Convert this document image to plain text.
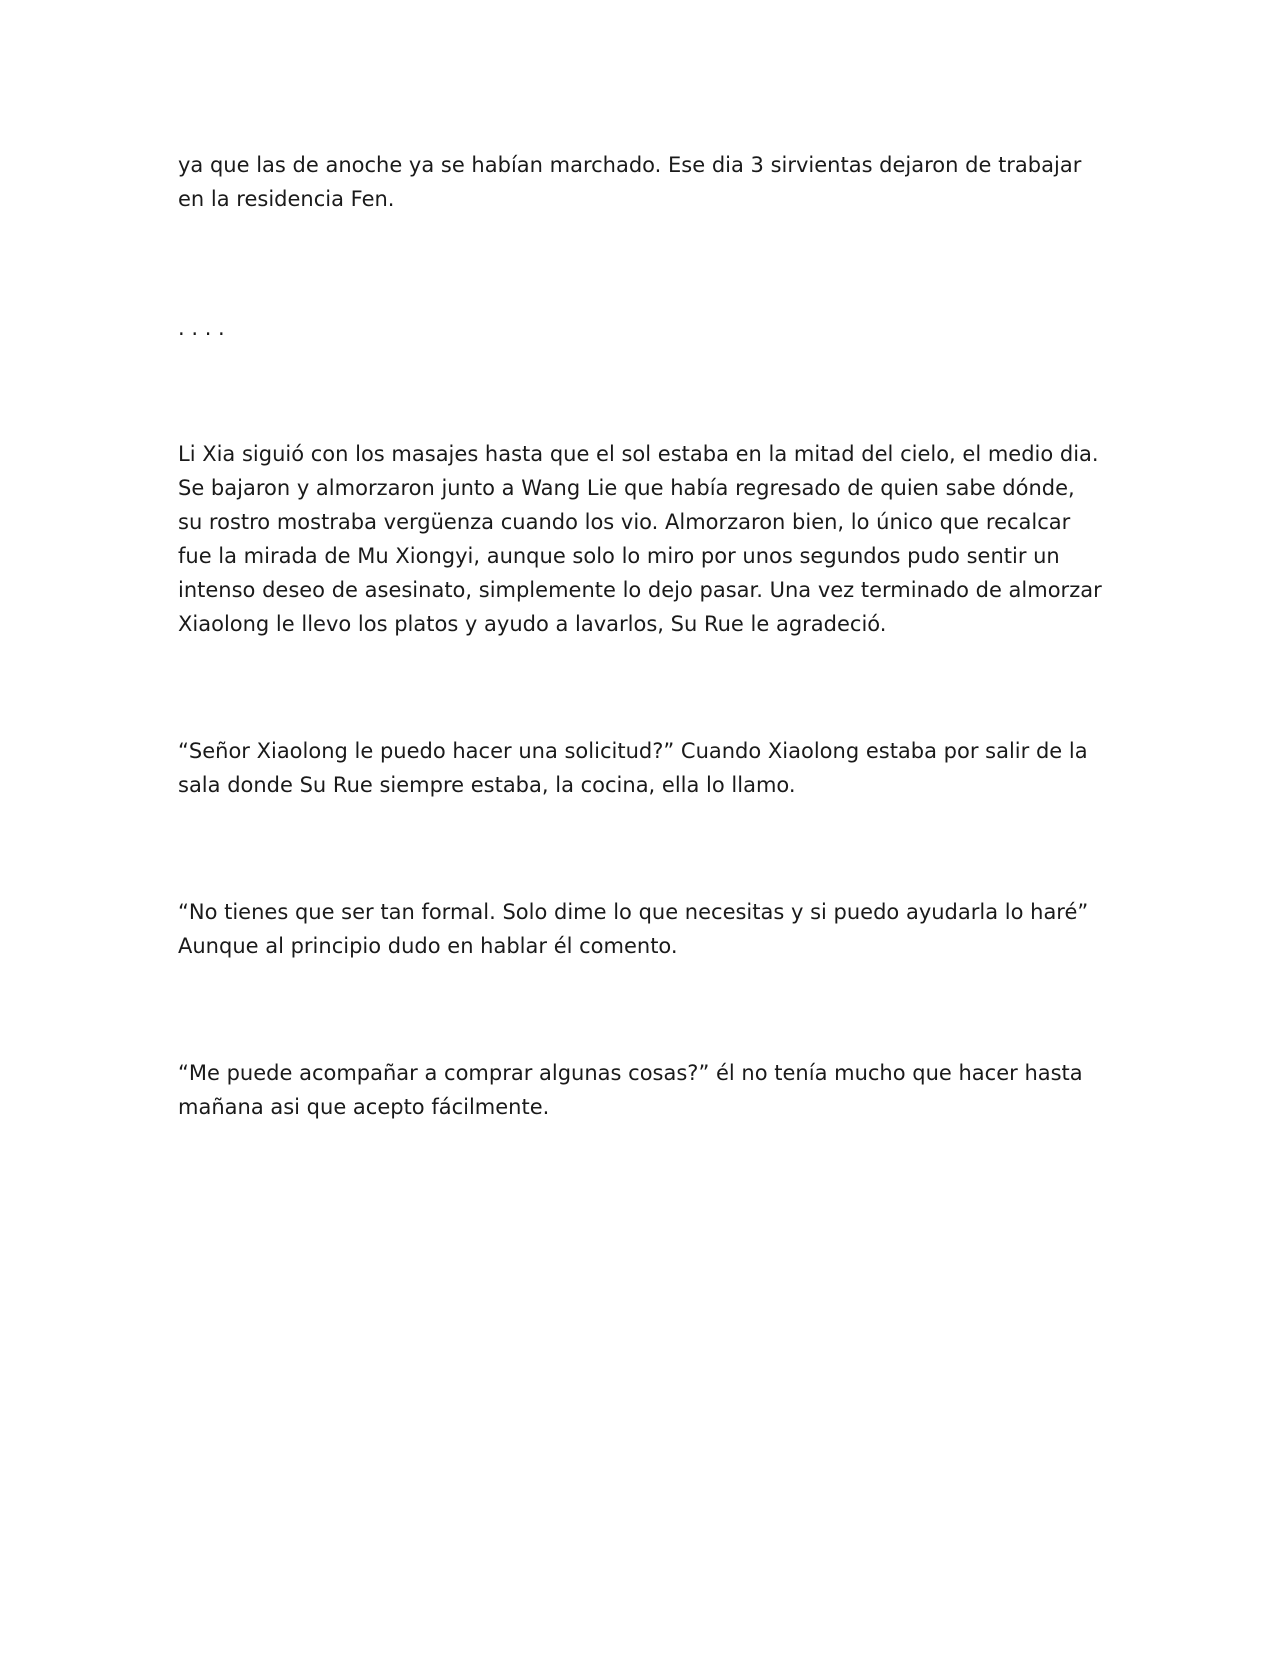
ya que las de anoche ya se habían marchado. Ese dia 3 sirvientas dejaron de trabajar

en la residencia Fen.

. . . .

Li Xia siguió con los masajes hasta que el sol estaba en la mitad del cielo, el medio dia.

Se bajaron y almorzaron junto a Wang Lie que había regresado de quien sabe dónde,

su rostro mostraba vergüenza cuando los vio. Almorzaron bien, lo único que recalcar

fue la mirada de Mu Xiongyi, aunque solo lo miro por unos segundos pudo sentir un

intenso deseo de asesinato, simplemente lo dejo pasar. Una vez terminado de almorzar

Xiaolong le llevo los platos y ayudo a lavarlos, Su Rue le agradeció.

“Señor Xiaolong le puedo hacer una solicitud?” Cuando Xiaolong estaba por salir de la

sala donde Su Rue siempre estaba, la cocina, ella lo llamo.

“No tienes que ser tan formal. Solo dime lo que necesitas y si puedo ayudarla lo haré”

Aunque al principio dudo en hablar él comento.

“Me puede acompañar a comprar algunas cosas?” él no tenía mucho que hacer hasta

mañana asi que acepto fácilmente.
